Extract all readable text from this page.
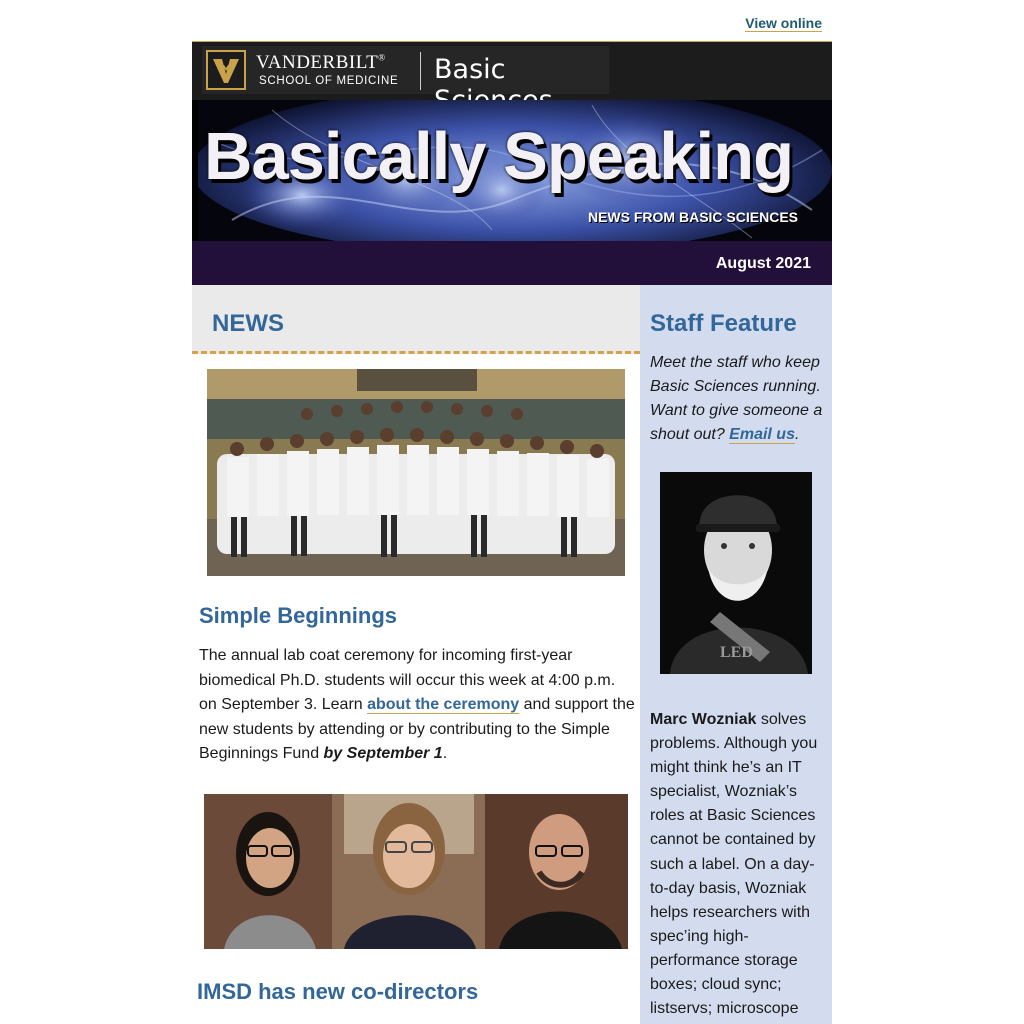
View online
VANDERBILT®
SCHOOL OF MEDICINE Basic
Basically Speaking
NEWS FROM BASIC SCIENCES
August 2021
NEWS
Simple Beginnings
The annual lab coat ceremony for incoming first-year biomedical Ph.D. students will occur this week at 4:00 p.m. on September 3. Learn about the ceremony and support the new students by attending or by contributing to the Simple Beginnings Fund by September 1.
IMSD has new co-directors
Staff Feature
Meet the staff who keep Basic Sciences running. Want to give someone a shout out? Email us.
LED
Marc Wozniak solves problems. Although you might think he’s an IT specialist, Wozniak’s roles at Basic Sciences cannot be contained by such a label. On a day-to-day basis, Wozniak helps researchers with spec’ing high-performance storage boxes; cloud sync; listservs; microscope
